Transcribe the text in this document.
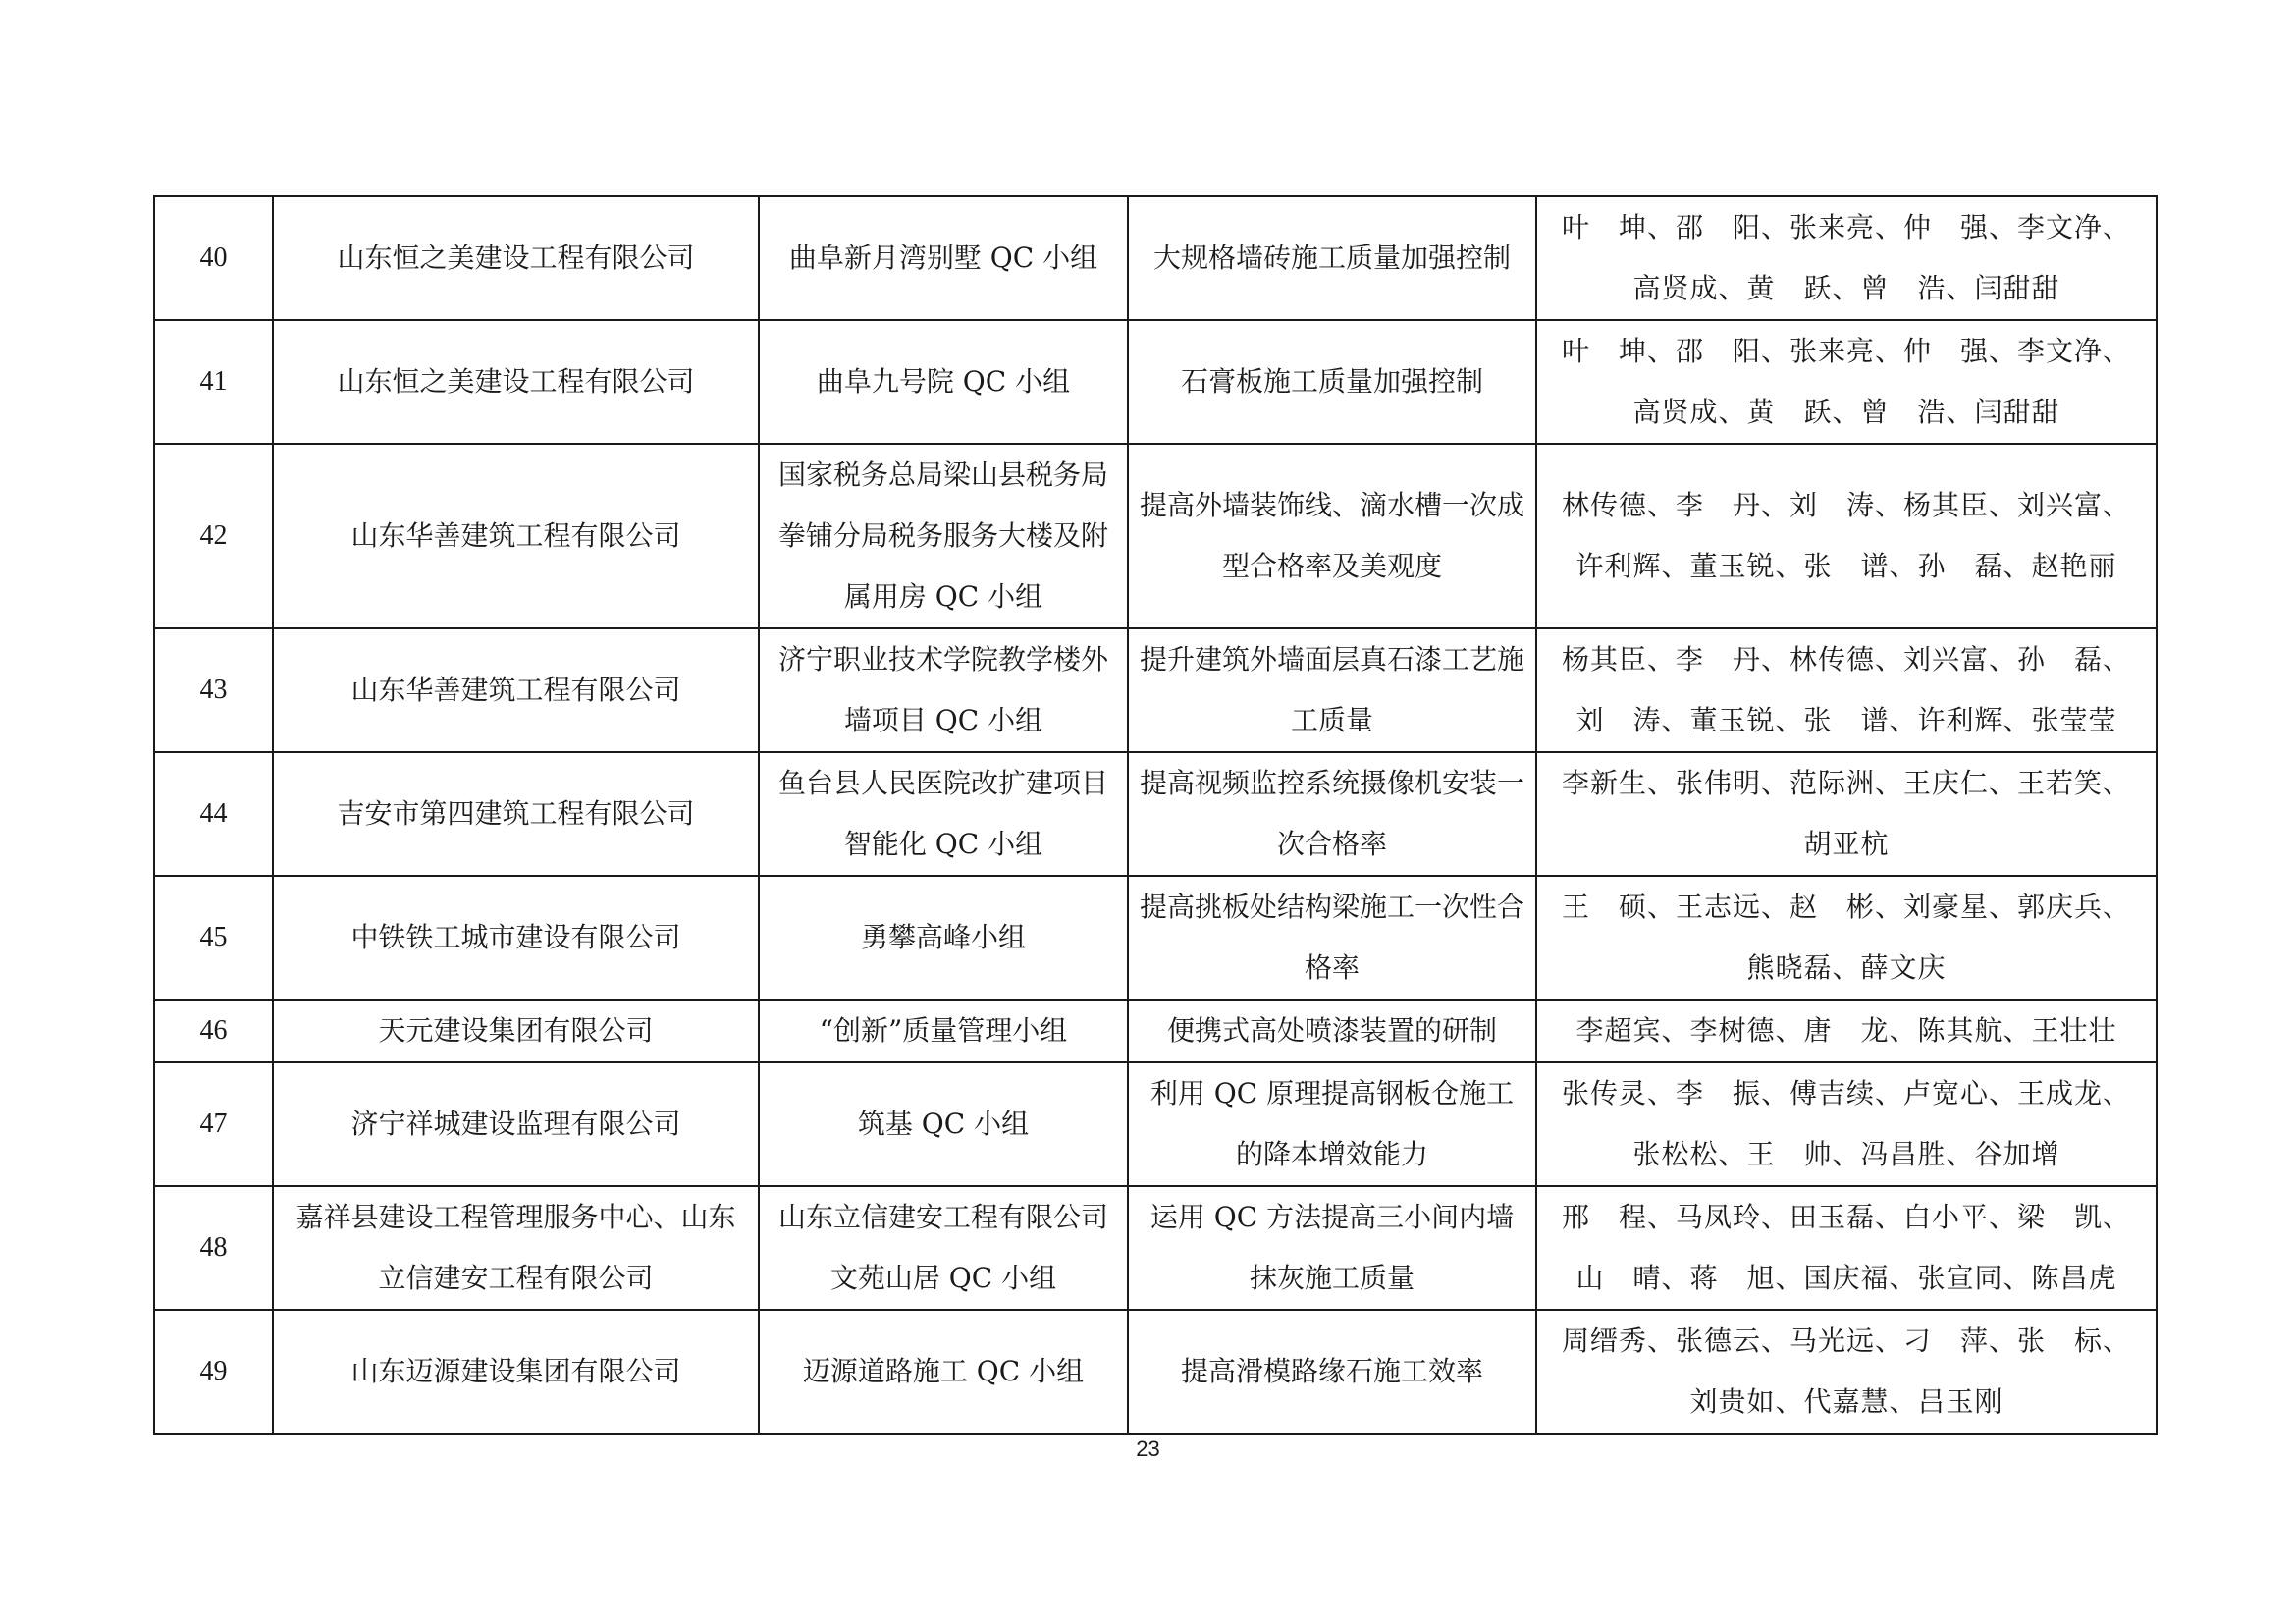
40	山东恒之美建设工程有限公司	曲阜新月湾别墅 QC 小组	大规格墙砖施工质量加强控制	叶　坤、邵　阳、张来亮、仲　强、李文净、高贤成、黄　跃、曾　浩、闫甜甜
41	山东恒之美建设工程有限公司	曲阜九号院 QC 小组	石膏板施工质量加强控制	叶　坤、邵　阳、张来亮、仲　强、李文净、高贤成、黄　跃、曾　浩、闫甜甜
42	山东华善建筑工程有限公司	国家税务总局梁山县税务局拳铺分局税务服务大楼及附属用房 QC 小组	提高外墙装饰线、滴水槽一次成型合格率及美观度	林传德、李　丹、刘　涛、杨其臣、刘兴富、许利辉、董玉锐、张　谱、孙　磊、赵艳丽
43	山东华善建筑工程有限公司	济宁职业技术学院教学楼外墙项目 QC 小组	提升建筑外墙面层真石漆工艺施工质量	杨其臣、李　丹、林传德、刘兴富、孙　磊、刘　涛、董玉锐、张　谱、许利辉、张莹莹
44	吉安市第四建筑工程有限公司	鱼台县人民医院改扩建项目智能化 QC 小组	提高视频监控系统摄像机安装一次合格率	李新生、张伟明、范际洲、王庆仁、王若笑、胡亚杭
45	中铁铁工城市建设有限公司	勇攀高峰小组	提高挑板处结构梁施工一次性合格率	王　硕、王志远、赵　彬、刘豪星、郭庆兵、熊晓磊、薛文庆
46	天元建设集团有限公司	“创新”质量管理小组	便携式高处喷漆装置的研制	李超宾、李树德、唐　龙、陈其航、王壮壮
47	济宁祥城建设监理有限公司	筑基 QC 小组	利用 QC 原理提高钢板仓施工的降本增效能力	张传灵、李　振、傅吉续、卢宽心、王成龙、张松松、王　帅、冯昌胜、谷加增
48	嘉祥县建设工程管理服务中心、山东立信建安工程有限公司	山东立信建安工程有限公司文苑山居 QC 小组	运用 QC 方法提高三小间内墙抹灰施工质量	邢　程、马凤玲、田玉磊、白小平、梁　凯、山　晴、蒋　旭、国庆福、张宣同、陈昌虎
49	山东迈源建设集团有限公司	迈源道路施工 QC 小组	提高滑模路缘石施工效率	周缙秀、张德云、马光远、刁　萍、张　标、刘贵如、代嘉慧、吕玉刚
23
